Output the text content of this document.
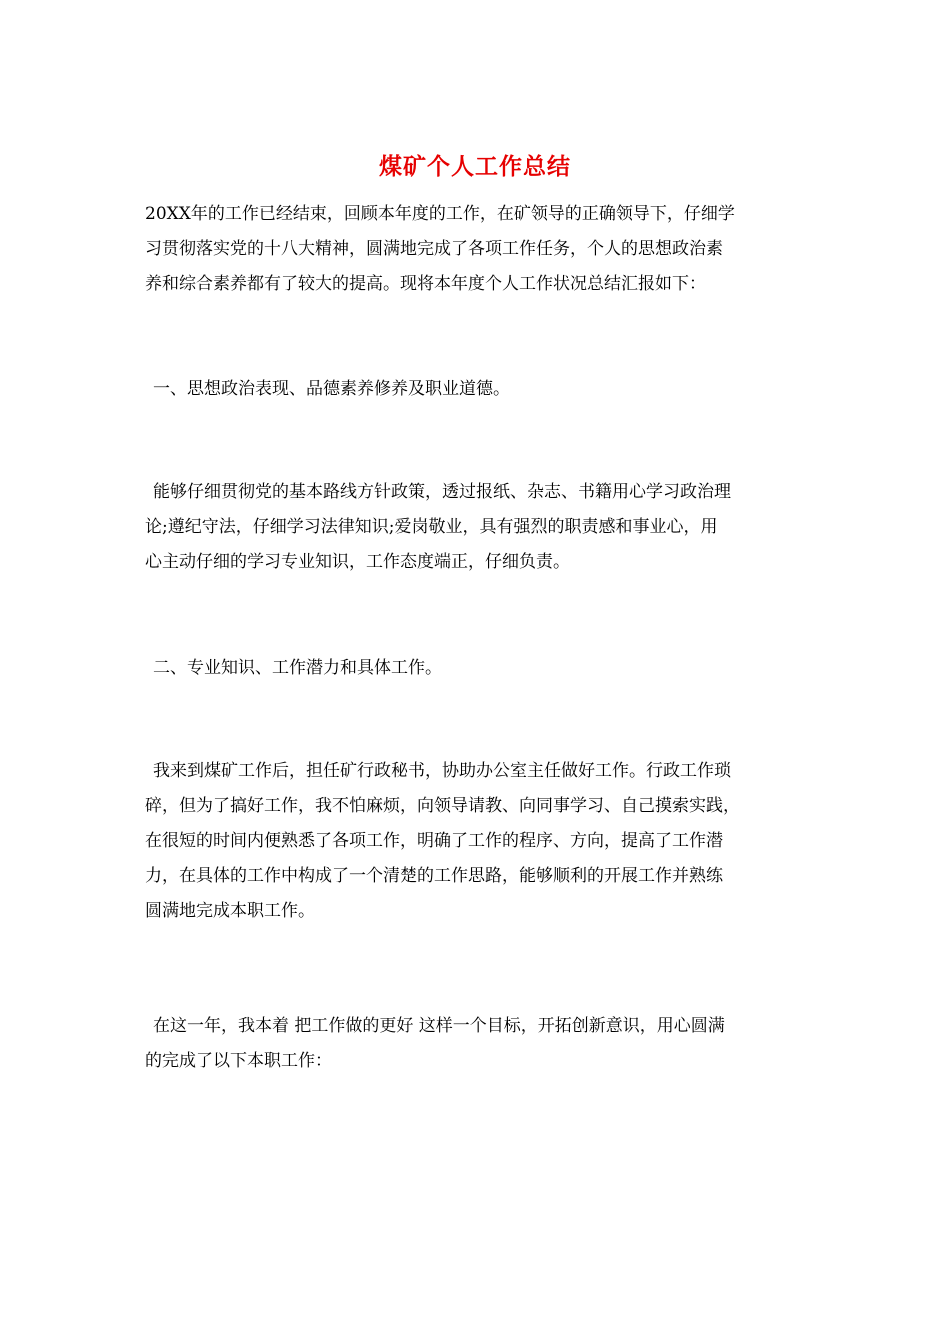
煤矿个人工作总结

20XX年的工作已经结束，回顾本年度的工作，在矿领导的正确领导下，仔细学
习贯彻落实党的十八大精神，圆满地完成了各项工作任务，个人的思想政治素
养和综合素养都有了较大的提高。现将本年度个人工作状况总结汇报如下：

一、思想政治表现、品德素养修养及职业道德。

能够仔细贯彻党的基本路线方针政策，透过报纸、杂志、书籍用心学习政治理
论;遵纪守法，仔细学习法律知识;爱岗敬业，具有强烈的职责感和事业心，用
心主动仔细的学习专业知识，工作态度端正，仔细负责。

二、专业知识、工作潜力和具体工作。

我来到煤矿工作后，担任矿行政秘书，协助办公室主任做好工作。行政工作琐
碎，但为了搞好工作，我不怕麻烦，向领导请教、向同事学习、自己摸索实践，
在很短的时间内便熟悉了各项工作，明确了工作的程序、方向，提高了工作潜
力，在具体的工作中构成了一个清楚的工作思路，能够顺利的开展工作并熟练
圆满地完成本职工作。

在这一年，我本着 把工作做的更好 这样一个目标，开拓创新意识，用心圆满
的完成了以下本职工作：
